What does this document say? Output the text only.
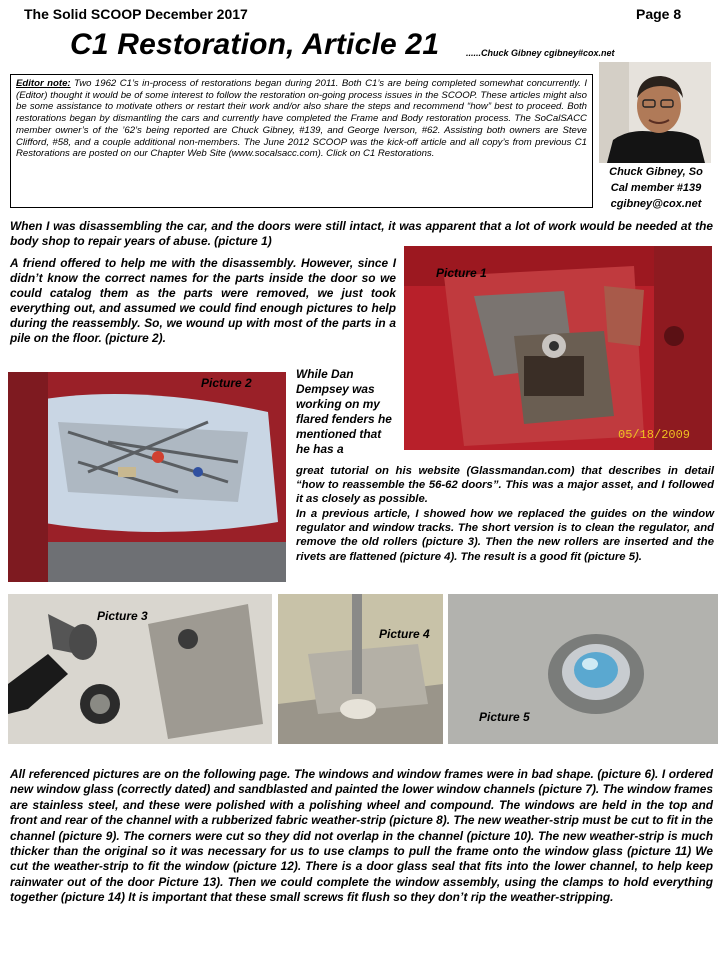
The Solid SCOOP December 2017	Page 8
C1 Restoration, Article 21	......Chuck Gibney cgibney#cox.net
Editor note: Two 1962 C1’s in-process of restorations began during 2011. Both C1’s are being completed somewhat concurrently. I (Editor) thought it would be of some interest to follow the restoration on-going process issues in the SCOOP. These articles might also be some assistance to motivate others or restart their work and/or also share the steps and recommend “how” best to proceed. Both restorations began by dismantling the cars and currently have completed the Frame and Body restoration process. The SoCalSACC member owner’s of the ’62’s being reported are Chuck Gibney, #139, and George Iverson, #62. Assisting both owners are Steve Clifford, #58, and a couple additional non-members. The June 2012 SCOOP was the kick-off article and all copy’s from previous C1 Restorations are posted on our Chapter Web Site (www.socalsacc.com). Click on C1 Restorations.
Chuck Gibney, So
Cal member #139
cgibney@cox.net
When I was disassembling the car, and the doors were still intact, it was apparent that a lot of work would be needed at the body shop to repair years of abuse. (picture 1)
A friend offered to help me with the disassembly. However, since I didn’t know the correct names for the parts inside the door so we could catalog them as the parts were removed, we just took everything out, and assumed we could find enough pictures to help during the reassembly. So, we wound up with most of the parts in a pile on the floor. (picture 2).
Picture 1
05/18/2009
Picture 2
While Dan Dempsey was working on my flared fenders he mentioned that he has a
great tutorial on his website (Glassmandan.com) that describes in detail “how to reassemble the 56-62 doors”. This was a major asset, and I followed it as closely as possible.
In a previous article, I showed how we replaced the guides on the window regulator and window tracks. The short version is to clean the regulator, and remove the old rollers (picture 3). Then the new rollers are inserted and the rivets are flattened (picture 4). The result is a good fit (picture 5).
Picture 3
Picture 4
Picture 5
All referenced pictures are on the following page. The windows and window frames were in bad shape. (picture 6). I ordered new window glass (correctly dated) and sandblasted and painted the lower window channels (picture 7). The window frames are stainless steel, and these were polished with a polishing wheel and compound. The windows are held in the top and front and rear of the channel with a rubberized fabric weather-strip (picture 8). The new weather-strip must be cut to fit in the channel (picture 9). The corners were cut so they did not overlap in the channel (picture 10). The new weather-strip is much thicker than the original so it was necessary for us to use clamps to pull the frame onto the window glass (picture 11) We cut the weather-strip to fit the window (picture 12). There is a door glass seal that fits into the lower channel, to help keep rainwater out of the door Picture 13). Then we could complete the window assembly, using the clamps to hold everything together (picture 14) It is important that these small screws fit flush so they don’t rip the weather-stripping.
